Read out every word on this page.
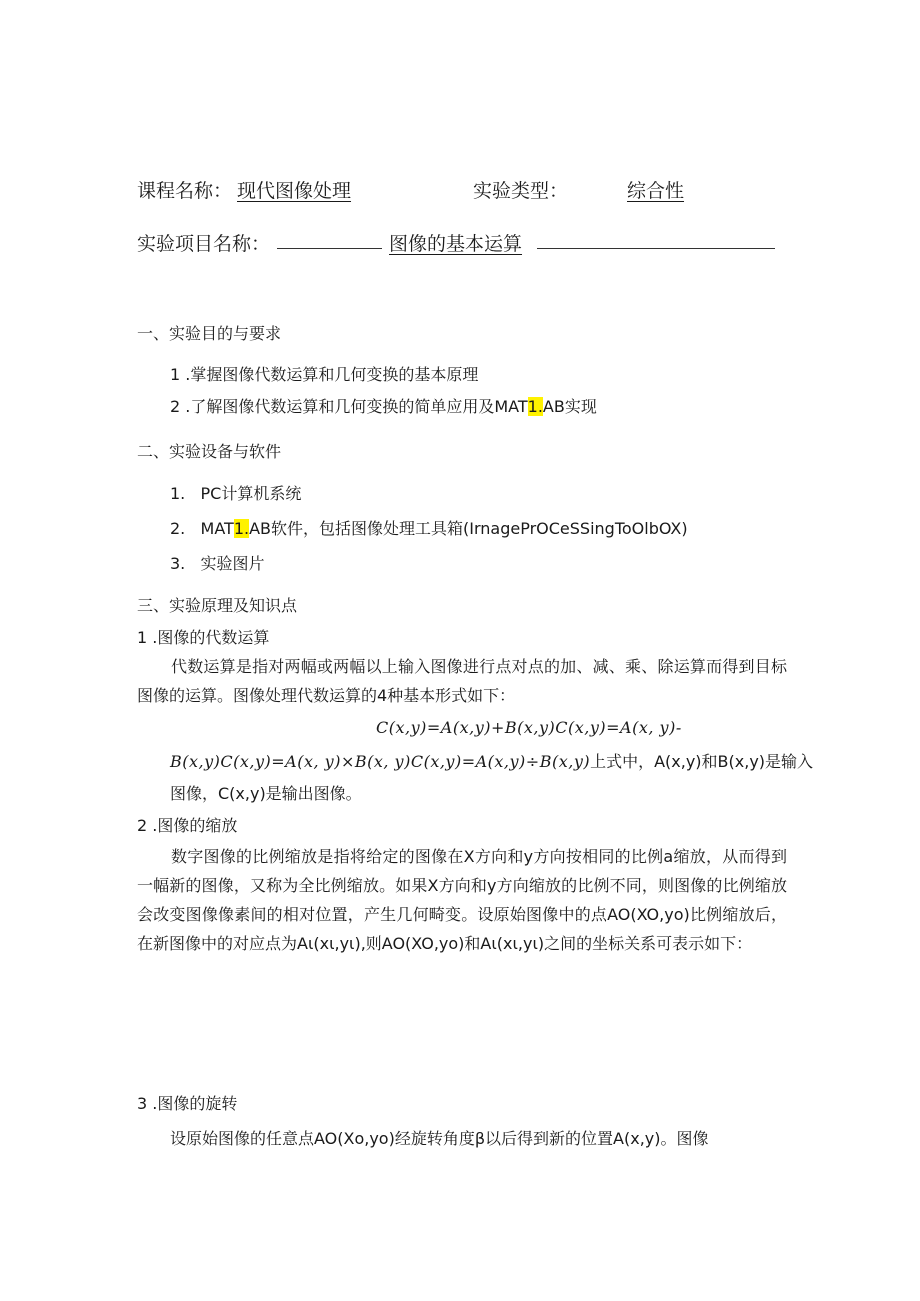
课程名称： 现代图像处理	实验类型：	综合性
实验项目名称：	图像的基本运算
一、实验目的与要求
1 .掌握图像代数运算和几何变换的基本原理
2 .了解图像代数运算和几何变换的简单应用及MAT1.AB实现
二、实验设备与软件
1.   PC计算机系统
2.   MAT1.AB软件，包括图像处理工具箱(IrnagePrOCeSSingToOlbOX)
3.   实验图片
三、实验原理及知识点
1 .图像的代数运算

代数运算是指对两幅或两幅以上输入图像进行点对点的加、减、乘、除运算而得到目标图像的运算。图像处理代数运算的4种基本形式如下：

C(x,y)=A(x,y)+B(x,y)C(x,y)=A(x, y)-
B(x,y)C(x,y)=A(x, y)×B(x, y)C(x,y)=A(x,y)÷B(x,y)上式中，A(x,y)和B(x,y)是输入
图像，C(x,y)是输出图像。
2 .图像的缩放

数字图像的比例缩放是指将给定的图像在X方向和y方向按相同的比例a缩放，从而得到一幅新的图像，又称为全比例缩放。如果X方向和y方向缩放的比例不同，则图像的比例缩放会改变图像像素间的相对位置，产生几何畸变。设原始图像中的点AO(XO,yo)比例缩放后，在新图像中的对应点为Aι(xι,yι),则AO(XO,yo)和Aι(xι,yι)之间的坐标关系可表示如下：

3 .图像的旋转
设原始图像的任意点AO(Xo,yo)经旋转角度β以后得到新的位置A(x,y)。图像
